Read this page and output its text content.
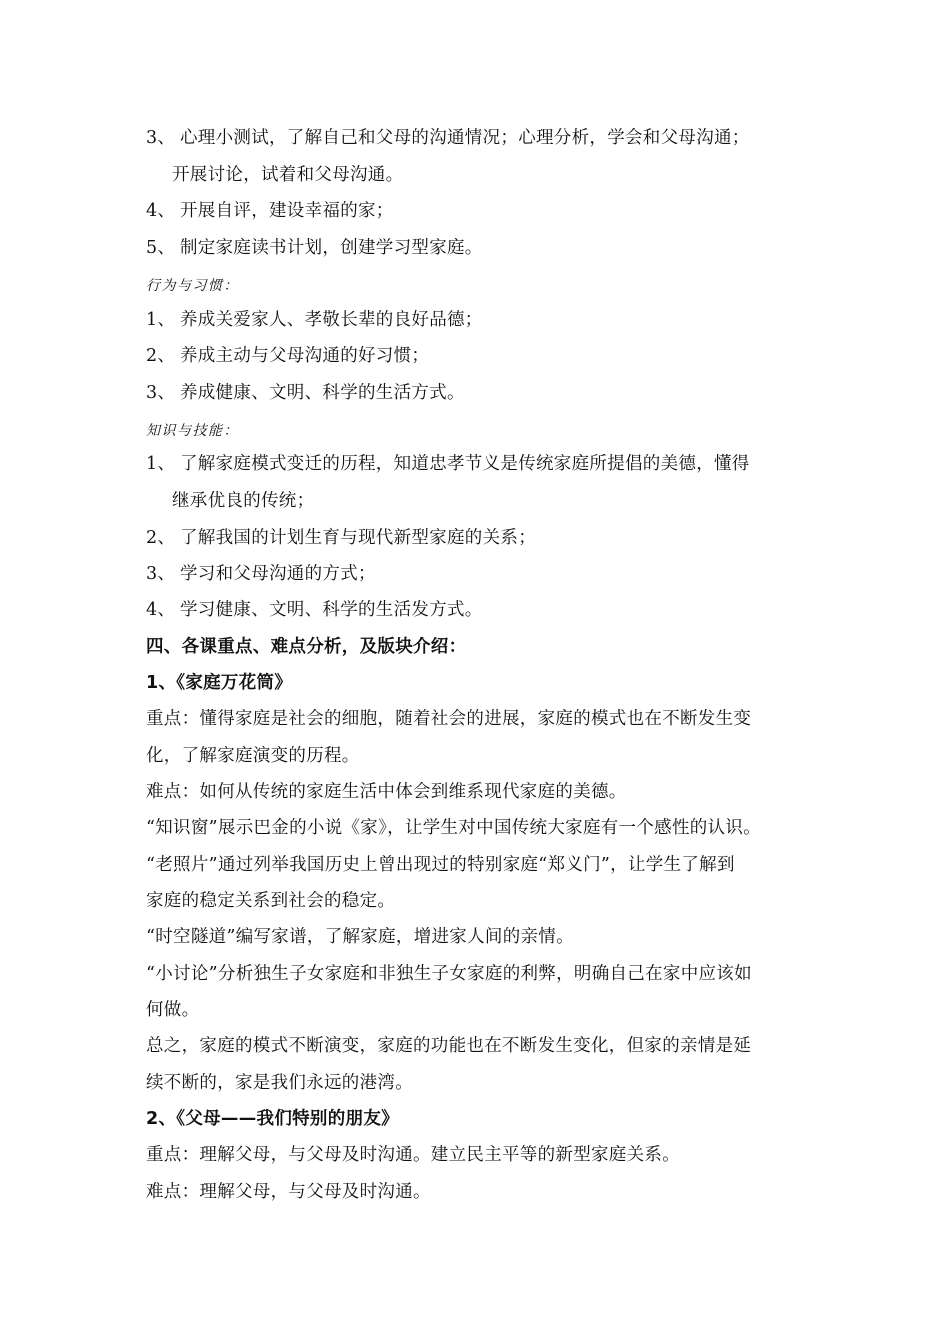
3、 心理小测试，了解自己和父母的沟通情况；心理分析，学会和父母沟通；
开展讨论，试着和父母沟通。
4、 开展自评，建设幸福的家；
5、 制定家庭读书计划，创建学习型家庭。
行为与习惯：
1、 养成关爱家人、孝敬长辈的良好品德；
2、 养成主动与父母沟通的好习惯；
3、 养成健康、文明、科学的生活方式。
知识与技能：
1、 了解家庭模式变迁的历程，知道忠孝节义是传统家庭所提倡的美德，懂得
继承优良的传统；
2、 了解我国的计划生育与现代新型家庭的关系；
3、 学习和父母沟通的方式；
4、 学习健康、文明、科学的生活发方式。
四、各课重点、难点分析，及版块介绍：
1、《家庭万花筒》
重点：懂得家庭是社会的细胞，随着社会的进展，家庭的模式也在不断发生变
化，了解家庭演变的历程。
难点：如何从传统的家庭生活中体会到维系现代家庭的美德。
“知识窗”展示巴金的小说《家》，让学生对中国传统大家庭有一个感性的认识。
“老照片”通过列举我国历史上曾出现过的特别家庭“郑义门”，让学生了解到
家庭的稳定关系到社会的稳定。
“时空隧道”编写家谱，了解家庭，增进家人间的亲情。
“小讨论”分析独生子女家庭和非独生子女家庭的利弊，明确自己在家中应该如
何做。
总之，家庭的模式不断演变，家庭的功能也在不断发生变化，但家的亲情是延
续不断的，家是我们永远的港湾。
2、《父母——我们特别的朋友》
重点：理解父母，与父母及时沟通。建立民主平等的新型家庭关系。
难点：理解父母，与父母及时沟通。
